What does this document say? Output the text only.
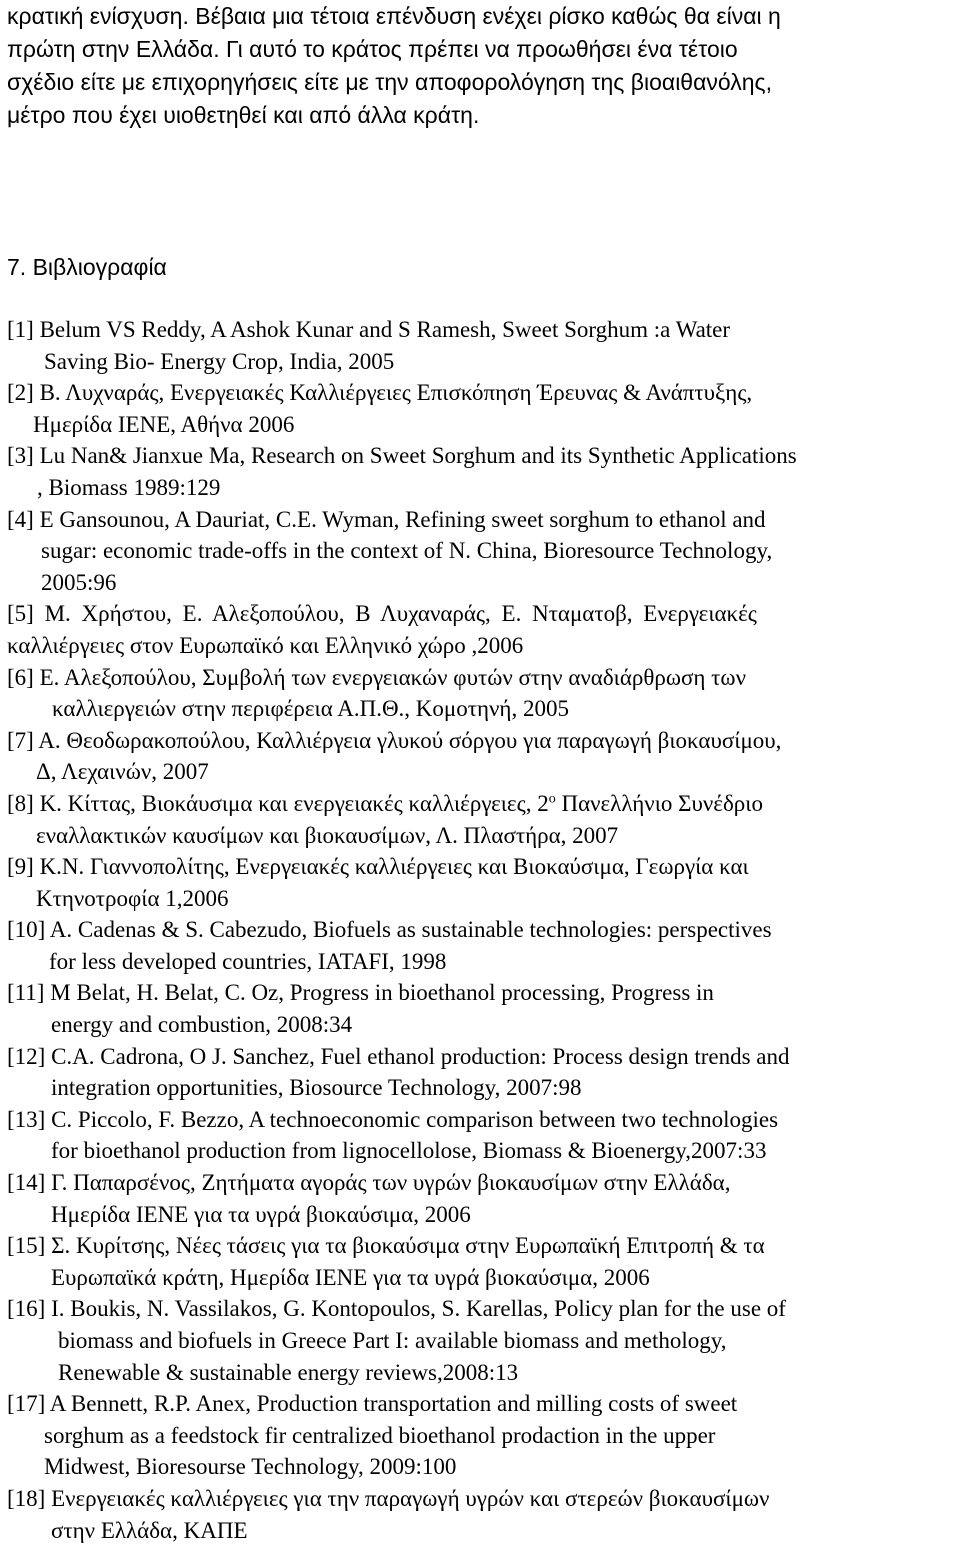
κρατική ενίσχυση. Βέβαια μια τέτοια επένδυση ενέχει ρίσκο καθώς θα είναι η
πρώτη στην Ελλάδα. Γι αυτό το κράτος πρέπει να προωθήσει ένα τέτοιο
σχέδιο είτε με επιχορηγήσεις είτε με την αποφορολόγηση της βιοαιθανόλης,
μέτρο που έχει υιοθετηθεί και από άλλα κράτη.

7. Βιβλιογραφία
[1] Belum VS Reddy, A Ashok Kunar and S Ramesh, Sweet Sorghum :a Water
Saving Bio- Energy Crop, India, 2005
[2] Β. Λυχναράς, Ενεργειακές Καλλιέργειες Επισκόπηση Έρευνας & Ανάπτυξης,
Ημερίδα ΙΕΝΕ, Αθήνα 2006
[3] Lu Nan& Jianxue Ma, Research on Sweet Sorghum and its Synthetic Applications
, Biomass 1989:129
[4] E Gansounou, A Dauriat, C.E. Wyman, Refining sweet sorghum to ethanol and
sugar: economic trade-offs in the context of N. China, Bioresource Technology,
2005:96
[5] Μ. Χρήστου, Ε. Αλεξοπούλου, Β Λυχαναράς, Ε. Νταματοβ, Ενεργειακές
καλλιέργειες στον Ευρωπαϊκό και Ελληνικό χώρο ,2006
[6] Ε. Αλεξοπούλου, Συμβολή των ενεργειακών φυτών στην αναδιάρθρωση των
καλλιεργειών στην περιφέρεια Α.Π.Θ., Κομοτηνή, 2005
[7] Α. Θεοδωρακοπούλου, Καλλιέργεια γλυκού σόργου για παραγωγή βιοκαυσίμου,
Δ, Λεχαινών, 2007
[8] Κ. Κίττας, Βιοκάυσιμα και ενεργειακές καλλιέργειες, $2^o$ Πανελλήνιο Συνέδριο
εναλλακτικών καυσίμων και βιοκαυσίμων, Λ. Πλαστήρα, 2007
[9] Κ.Ν. Γιαννοπολίτης, Ενεργειακές καλλιέργειες και Βιοκαύσιμα, Γεωργία και
Κτηνοτροφία 1,2006
[10] A. Cadenas & S. Cabezudo, Biofuels as sustainable technologies: perspectives
for less developed countries, IATAFI, 1998
[11] M Belat, H. Belat, C. Oz, Progress in bioethanol processing, Progress in
energy and combustion, 2008:34
[12] C.A. Cadrona, O J. Sanchez, Fuel ethanol production: Process design trends and
integration opportunities, Biosource Technology, 2007:98
[13] C. Piccolo, F. Bezzo, A technoeconomic comparison between two technologies
for bioethanol production from lignocellolose, Biomass & Bioenergy,2007:33
[14] Γ. Παπαρσένος, Ζητήματα αγοράς των υγρών βιοκαυσίμων στην Ελλάδα,
Ημερίδα ΙΕΝΕ για τα υγρά βιοκαύσιμα, 2006
[15] Σ. Κυρίτσης, Νέες τάσεις για τα βιοκαύσιμα στην Ευρωπαϊκή Επιτροπή & τα
Ευρωπαϊκά κράτη, Ημερίδα ΙΕΝΕ για τα υγρά βιοκαύσιμα, 2006
[16] I. Boukis, N. Vassilakos, G. Kontopoulos, S. Karellas, Policy plan for the use of
biomass and biofuels in Greece Part I: available biomass and methology,
Renewable & sustainable energy reviews,2008:13
[17] A Bennett, R.P. Anex, Production transportation and milling costs of sweet
sorghum as a feedstock fir centralized bioethanol prodaction in the upper
Midwest, Bioresourse Technology, 2009:100
[18] Ενεργειακές καλλιέργειες για την παραγωγή υγρών και στερεών βιοκαυσίμων
στην Ελλάδα, ΚΑΠΕ
